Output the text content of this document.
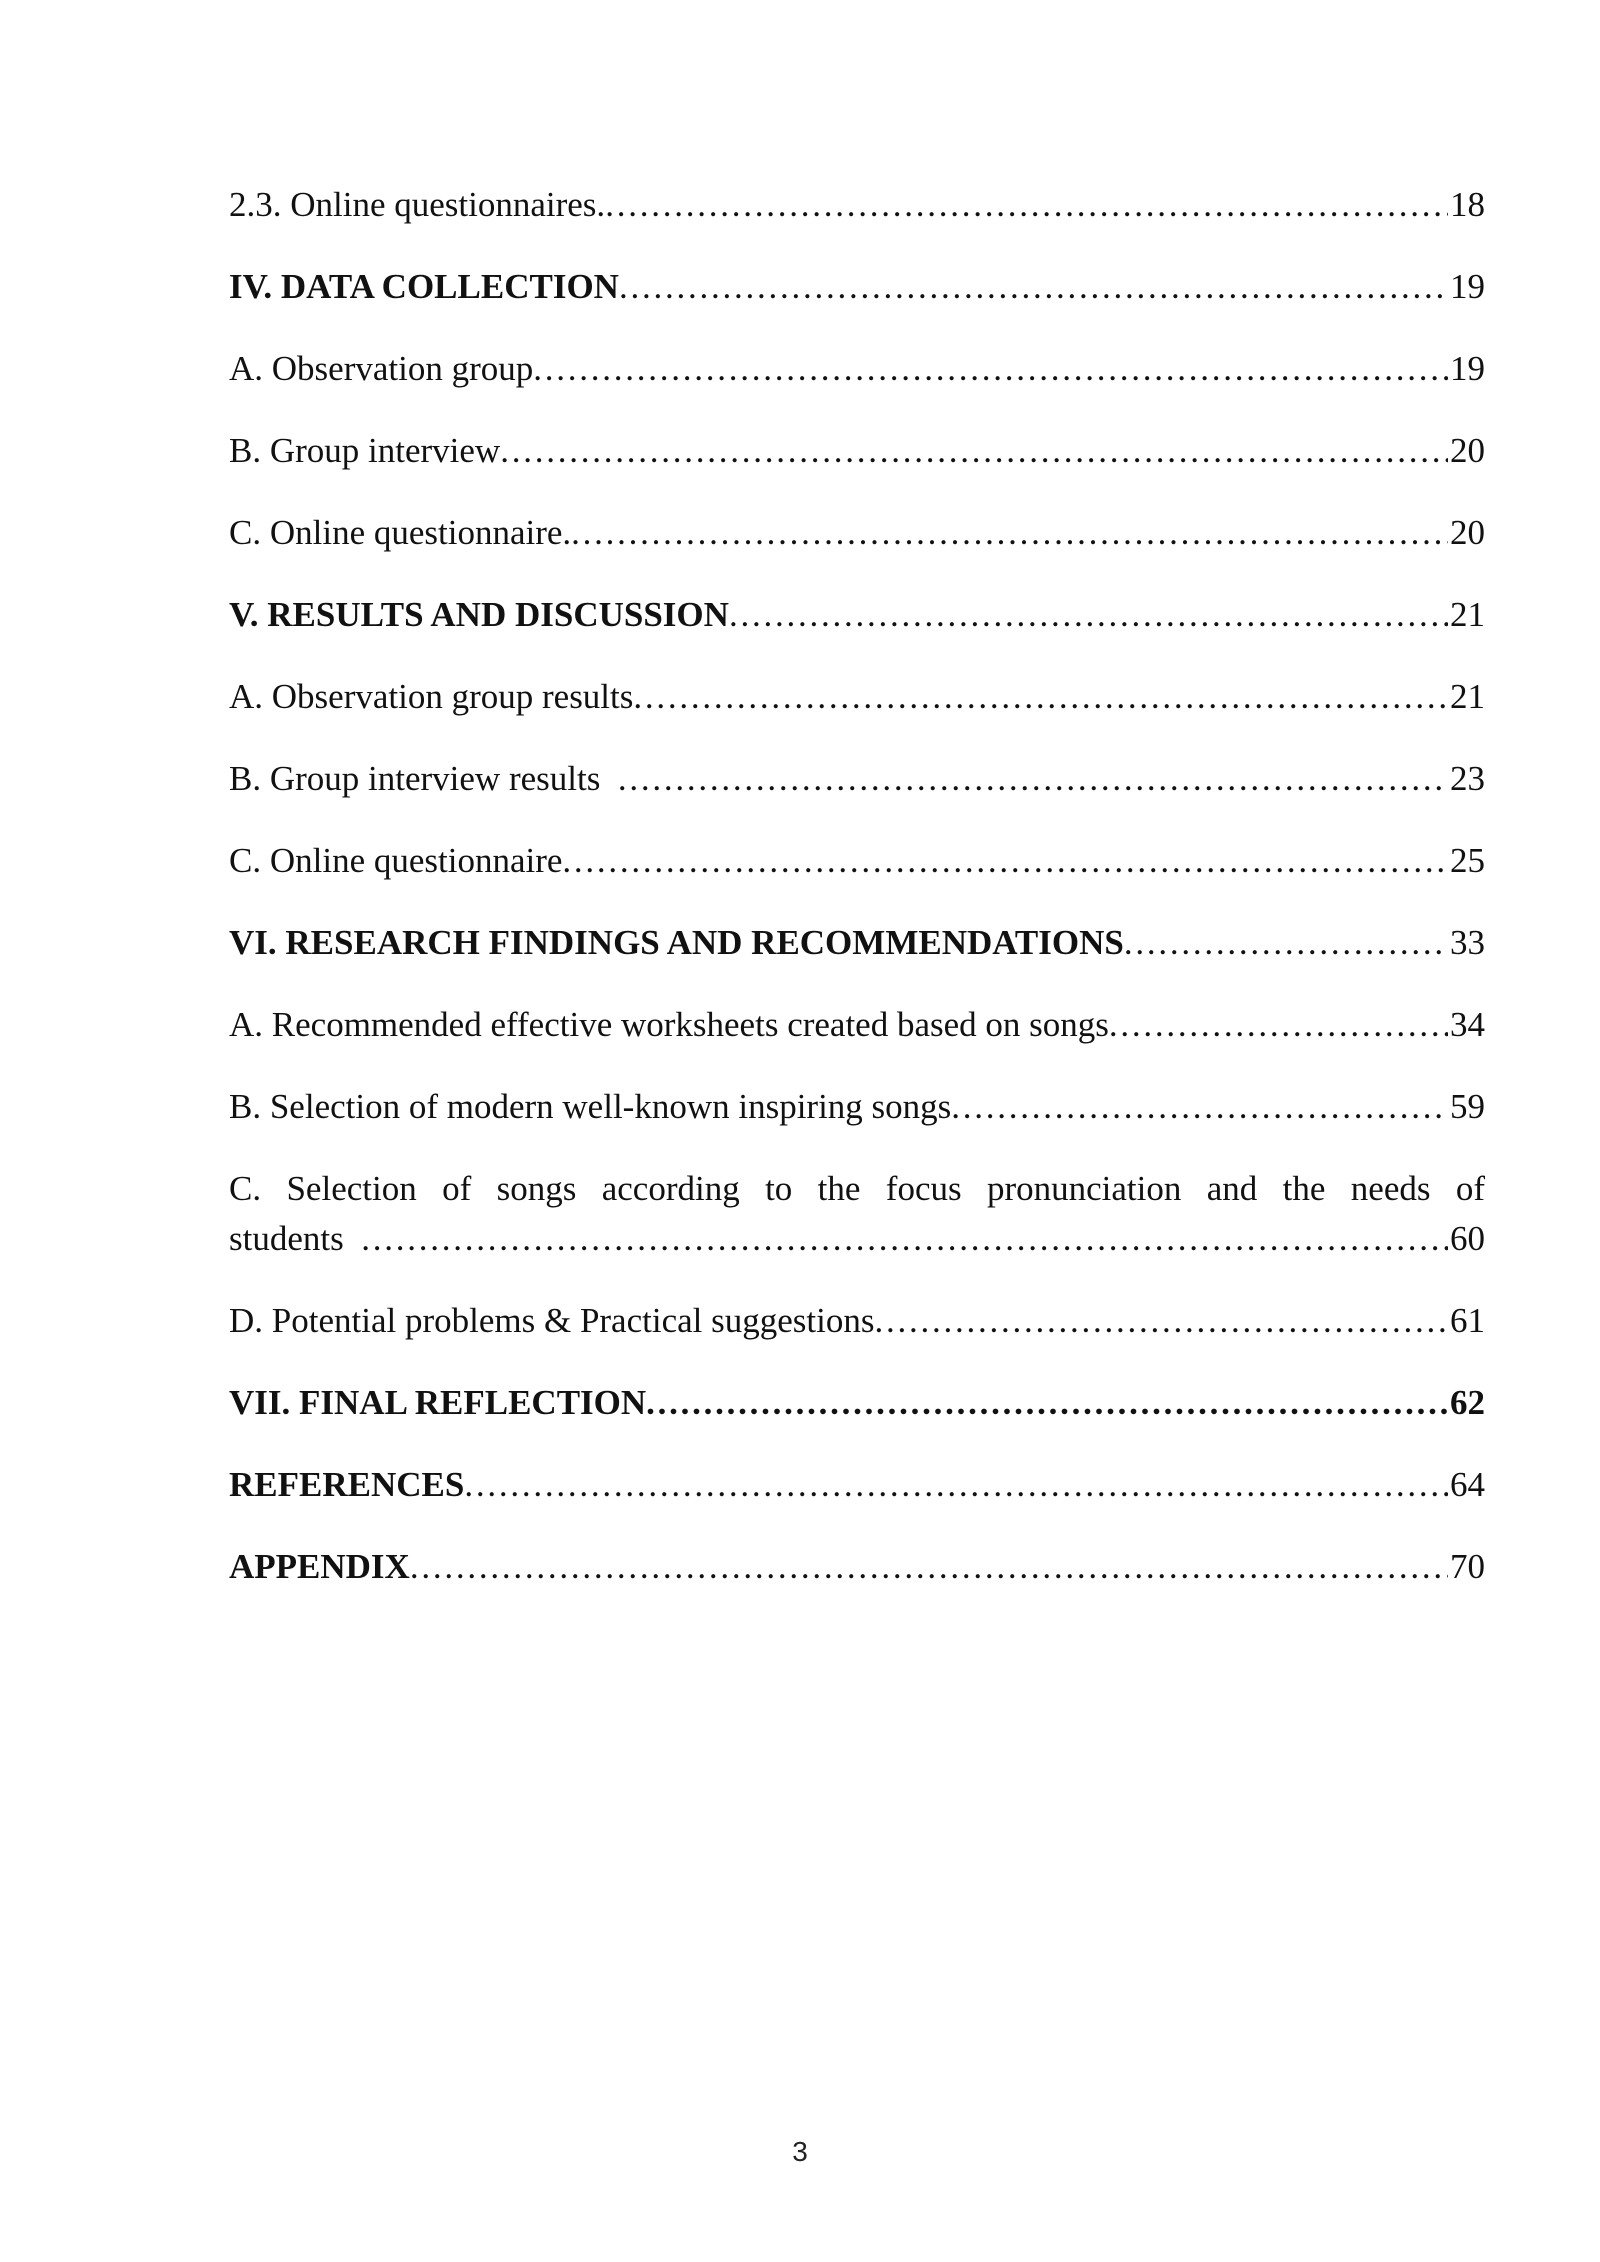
2.3. Online questionnaires. . . .	18
IV. DATA COLLECTION . . .	19
A. Observation group . . .	19
B. Group interview . . .	20
C. Online questionnaire. . . .	20
V. RESULTS AND DISCUSSION . . .	21
A. Observation group results . . .	21
B. Group interview results . . .	23
C. Online questionnaire . . .	25
VI. RESEARCH FINDINGS AND RECOMMENDATIONS . . .	33
A. Recommended effective worksheets created based on songs . . .	34
B. Selection of modern well-known inspiring songs . . .	59
C. Selection of songs according to the focus pronunciation and the needs of
students . . .	60
D. Potential problems & Practical suggestions . . .	61
VII. FINAL REFLECTION . . .	62
REFERENCES . . .	64
APPENDIX . . .	70
3
